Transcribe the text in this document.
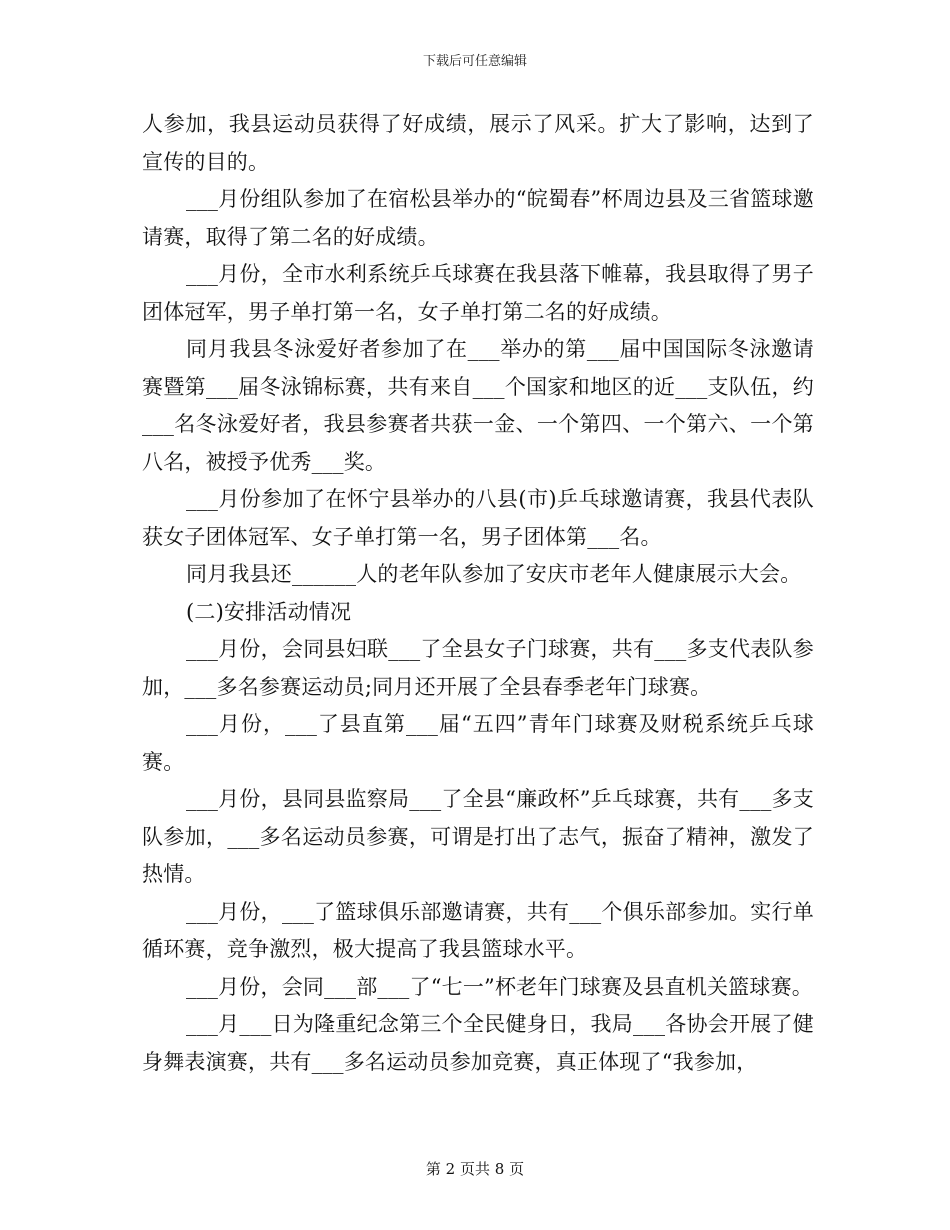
下载后可任意编辑

人参加，我县运动员获得了好成绩，展示了风采。扩大了影响，达到了宣传的目的。

___月份组队参加了在宿松县举办的“皖蜀春”杯周边县及三省篮球邀请赛，取得了第二名的好成绩。

___月份，全市水利系统乒乓球赛在我县落下帷幕，我县取得了男子团体冠军，男子单打第一名，女子单打第二名的好成绩。

同月我县冬泳爱好者参加了在___举办的第___届中国国际冬泳邀请赛暨第___届冬泳锦标赛，共有来自___个国家和地区的近___支队伍，约___名冬泳爱好者，我县参赛者共获一金、一个第四、一个第六、一个第八名，被授予优秀___奖。

___月份参加了在怀宁县举办的八县(市)乒乓球邀请赛，我县代表队获女子团体冠军、女子单打第一名，男子团体第___名。

同月我县还______人的老年队参加了安庆市老年人健康展示大会。

(二)安排活动情况

___月份，会同县妇联___了全县女子门球赛，共有___多支代表队参加，___多名参赛运动员;同月还开展了全县春季老年门球赛。

___月份，___了县直第___届“五四”青年门球赛及财税系统乒乓球赛。

___月份，县同县监察局___了全县“廉政杯”乒乓球赛，共有___多支队参加，___多名运动员参赛，可谓是打出了志气，振奋了精神，激发了热情。

___月份，___了篮球俱乐部邀请赛，共有___个俱乐部参加。实行单循环赛，竞争激烈，极大提高了我县篮球水平。

___月份，会同___部___了“七一”杯老年门球赛及县直机关篮球赛。

___月___日为隆重纪念第三个全民健身日，我局___各协会开展了健身舞表演赛，共有___多名运动员参加竞赛，真正体现了“我参加，

第 2 页共 8 页
